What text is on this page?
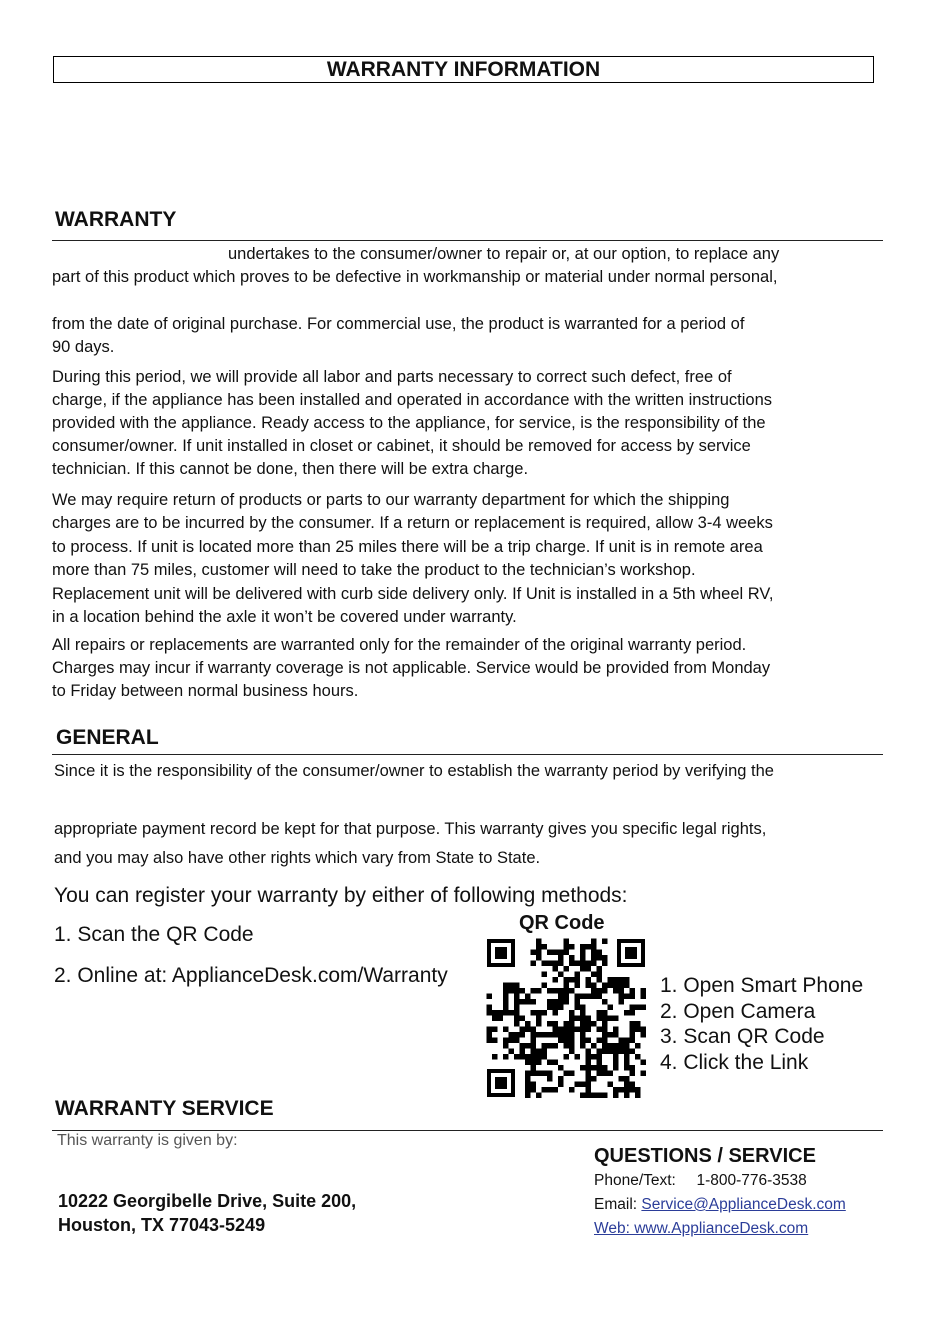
WARRANTY INFORMATION
WARRANTY
undertakes to the consumer/owner to repair or, at our option, to replace any
part of this product which proves to be defective in workmanship or material under normal personal,
from the date of original purchase. For commercial use, the product is warranted for a period of
90 days.
During this period, we will provide all labor and parts necessary to correct such defect, free of
charge, if the appliance has been installed and operated in accordance with the written instructions
provided with the appliance. Ready access to the appliance, for service, is the responsibility of the
consumer/owner. If unit installed in closet or cabinet, it should be removed for access by service
technician. If this cannot be done, then there will be extra charge.
We may require return of products or parts to our warranty department for which the shipping
charges are to be incurred by the consumer. If a return or replacement is required, allow 3-4 weeks
to process. If unit is located more than 25 miles there will be a trip charge. If unit is in remote area
more than 75 miles, customer will need to take the product to the technician’s workshop.
Replacement unit will be delivered with curb side delivery only. If Unit is installed in a 5th wheel RV,
in a location behind the axle it won’t be covered under warranty.
All repairs or replacements are warranted only for the remainder of the original warranty period.
Charges may incur if warranty coverage is not applicable. Service would be provided from Monday
to Friday between normal business hours.
GENERAL
Since it is the responsibility of the consumer/owner to establish the warranty period by verifying the
appropriate payment record be kept for that purpose. This warranty gives you specific legal rights,
and you may also have other rights which vary from State to State.
You can register your warranty by either of following methods:
1. Scan the QR Code
2. Online at: ApplianceDesk.com/Warranty
QR Code
1. Open Smart Phone
2. Open Camera
3. Scan QR Code
4. Click the Link
WARRANTY SERVICE
This warranty is given by:
10222 Georgibelle Drive, Suite 200,
Houston, TX 77043-5249
QUESTIONS / SERVICE
Phone/Text: 1-800-776-3538
Email: Service@ApplianceDesk.com
Web: www.ApplianceDesk.com
